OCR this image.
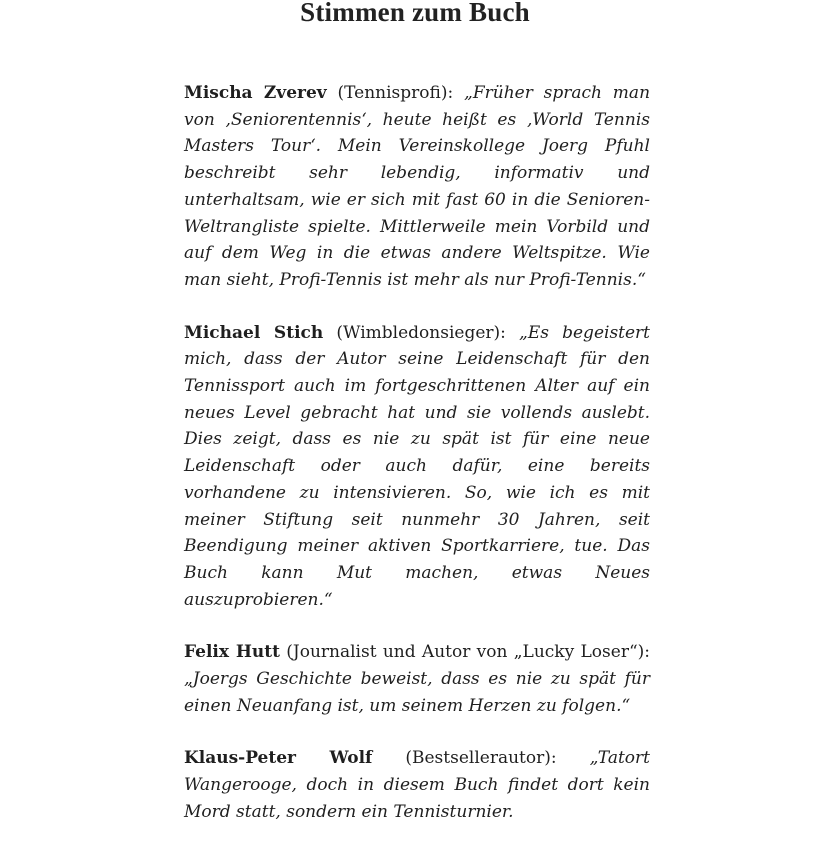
Stimmen zum Buch

Mischa Zverev (Tennisprofi): „Früher sprach man von ‚Seniorentennis‘, heute heißt es ‚World Tennis Masters Tour‘. Mein Vereinskollege Joerg Pfuhl beschreibt sehr lebendig, informativ und unterhaltsam, wie er sich mit fast 60 in die Senioren-Weltrangliste spielte. Mittlerweile mein Vorbild und auf dem Weg in die etwas andere Weltspitze. Wie man sieht, Profi-Tennis ist mehr als nur Profi-Tennis.“

Michael Stich (Wimbledonsieger): „Es begeistert mich, dass der Autor seine Leidenschaft für den Tennissport auch im fortgeschrittenen Alter auf ein neues Level gebracht hat und sie vollends auslebt. Dies zeigt, dass es nie zu spät ist für eine neue Leidenschaft oder auch dafür, eine bereits vorhandene zu intensivieren. So, wie ich es mit meiner Stiftung seit nunmehr 30 Jahren, seit Beendigung meiner aktiven Sportkarriere, tue. Das Buch kann Mut machen, etwas Neues auszuprobieren.“

Felix Hutt (Journalist und Autor von „Lucky Loser“): „Joergs Geschichte beweist, dass es nie zu spät für einen Neuanfang ist, um seinem Herzen zu folgen.“

Klaus-Peter Wolf (Bestsellerautor): „Tatort Wangerooge, doch in diesem Buch findet dort kein Mord statt, sondern ein Tennisturnier.
